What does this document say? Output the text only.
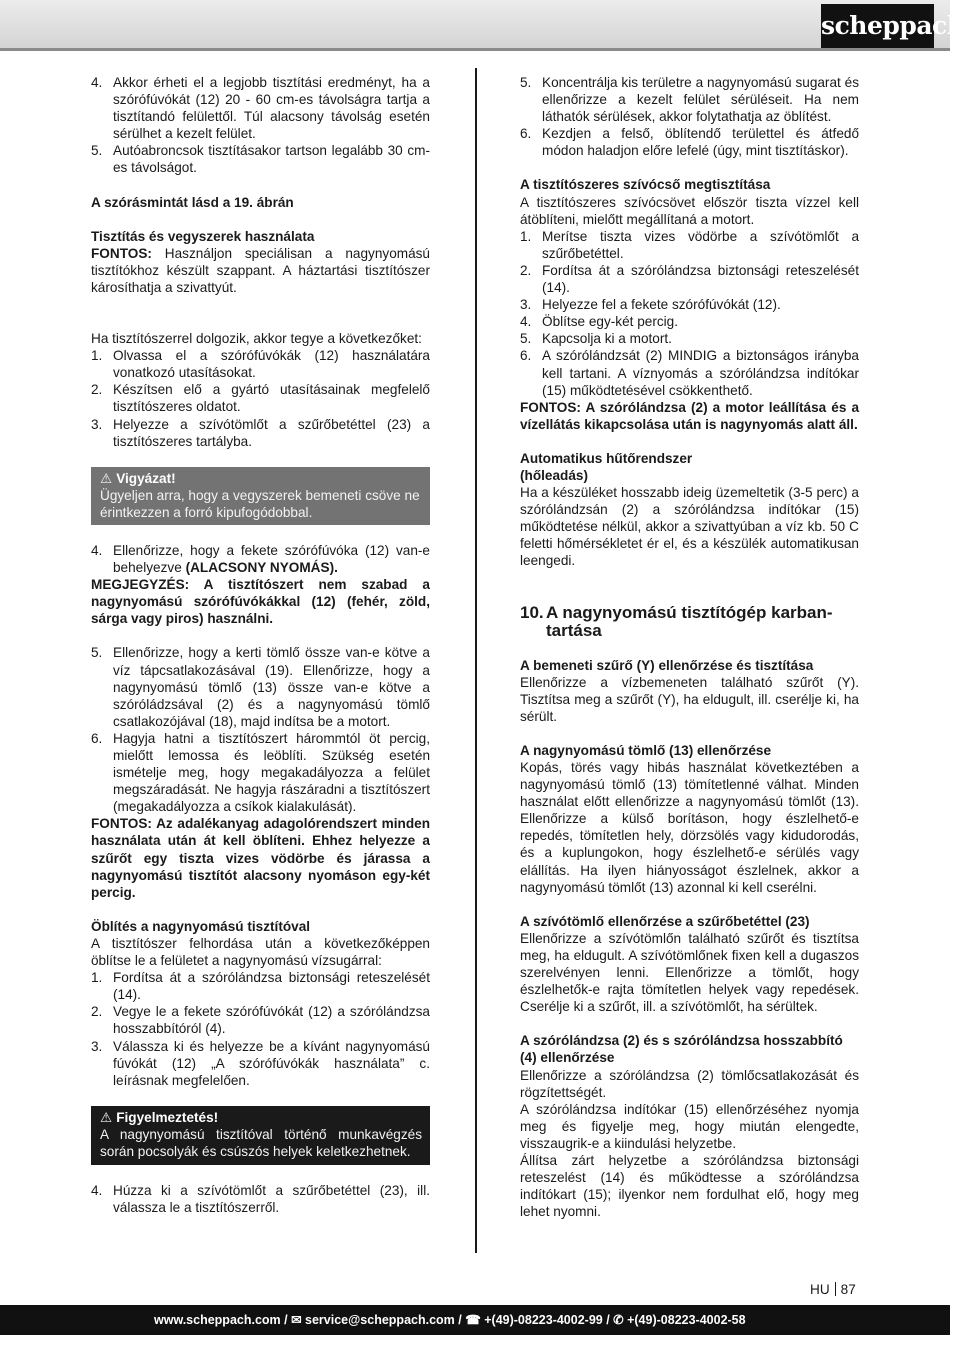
scheppach
4. Akkor érheti el a legjobb tisztítási eredményt, ha a szórófúvókát (12) 20 - 60 cm-es távolságra tartja a tisztítandó felülettől. Túl alacsony távolság esetén sérülhet a kezelt felület.
5. Autóabroncsok tisztításakor tartson legalább 30 cm-es távolságot.

A szórásmintát lásd a 19. ábrán

Tisztítás és vegyszerek használata

FONTOS: Használjon speciálisan a nagynyomású tisztítókhoz készült szappant. A háztartási tisztítószer károsíthatja a szivattyút.

Ha tisztítószerrel dolgozik, akkor tegye a következőket:

1. Olvassa el a szórófúvókák (12) használatára vonatkozó utasításokat.
2. Készítsen elő a gyártó utasításainak megfelelő tisztítószeres oldatot.
3. Helyezze a szívótömlőt a szűrőbetéttel (23) a tisztítószeres tartályba.
⚠ Vigyázat!
Ügyeljen arra, hogy a vegyszerek bemeneti csöve ne érintkezzen a forró kipufogódobbal.
4. Ellenőrizze, hogy a fekete szórófúvóka (12) van-e behelyezve (ALACSONY NYOMÁS).

MEGJEGYZÉS: A tisztítószert nem szabad a nagynyomású szórófúvókákkal (12) (fehér, zöld, sárga vagy piros) használni.

5. Ellenőrizze, hogy a kerti tömlő össze van-e kötve a víz tápcsatlakozásával (19). Ellenőrizze, hogy a nagynyomású tömlő (13) össze van-e kötve a szóróládzsával (2) és a nagynyomású tömlő csatlakozójával (18), majd indítsa be a motort.
6. Hagyja hatni a tisztítószert hárommtól öt percig, mielőtt lemossa és leöblíti. Szükség esetén ismételje meg, hogy megakadályozza a felület megszáradását. Ne hagyja rászáradni a tisztítószert (megakadályozza a csíkok kialakulását).

FONTOS: Az adalékanyag adagolórendszert minden használata után át kell öblíteni. Ehhez helyezze a szűrőt egy tiszta vizes vödörbe és járassa a nagynyomású tisztítót alacsony nyomáson egy-két percig.

Öblítés a nagynyomású tisztítóval

A tisztítószer felhordása után a következőképpen öblítse le a felületet a nagynyomású vízsugárral:

1. Fordítsa át a szórólándzsa biztonsági reteszelését (14).
2. Vegye le a fekete szórófúvókát (12) a szórólándzsa hosszabbítóról (4).
3. Válassza ki és helyezze be a kívánt nagynyomású fúvókát (12) „A szórófúvókák használata” c. leírásnak megfelelően.
⚠ Figyelmeztetés!
A nagynyomású tisztítóval történő munkavégzés során pocsolyák és csúszós helyek keletkezhetnek.
4. Húzza ki a szívótömlőt a szűrőbetéttel (23), ill. válassza le a tisztítószerről.
5. Koncentrálja kis területre a nagynyomású sugarat és ellenőrizze a kezelt felület sérüléseit. Ha nem láthatók sérülések, akkor folytathatja az öblítést.
6. Kezdjen a felső, öblítendő területtel és átfedő módon haladjon előre lefelé (úgy, mint tisztításkor).

A tisztítószeres szívócső megtisztítása

A tisztítószeres szívócsövet először tiszta vízzel kell átöblíteni, mielőtt megállítaná a motort.

1. Merítse tiszta vizes vödörbe a szívótömlőt a szűrőbetéttel.
2. Fordítsa át a szórólándzsa biztonsági reteszelését (14).
3. Helyezze fel a fekete szórófúvókát (12).
4. Öblítse egy-két percig.
5. Kapcsolja ki a motort.
6. A szórólándzsát (2) MINDIG a biztonságos irányba kell tartani. A víznyomás a szórólándzsa indítókar (15) működtetésével csökkenthető.

FONTOS: A szórólándzsa (2) a motor leállítása és a vízellátás kikapcsolása után is nagynyomás alatt áll.

Automatikus hűtőrendszer

(hőleadás)

Ha a készüléket hosszabb ideig üzemeltetik (3-5 perc) a szórólándzsán (2) a szórólándzsa indítókar (15) működtetése nélkül, akkor a szivattyúban a víz kb. 50 C feletti hőmérsékletet ér el, és a készülék automatikusan leengedi.

10. A nagynyomású tisztítógép karban-
tartása

A bemeneti szűrő (Y) ellenőrzése és tisztítása

Ellenőrizze a vízbemeneten található szűrőt (Y). Tisztítsa meg a szűrőt (Y), ha eldugult, ill. cserélje ki, ha sérült.

A nagynyomású tömlő (13) ellenőrzése

Kopás, törés vagy hibás használat következtében a nagynyomású tömlő (13) tömítetlenné válhat. Minden használat előtt ellenőrizze a nagynyomású tömlőt (13). Ellenőrizze a külső borításon, hogy észlelhető-e repedés, tömítetlen hely, dörzsölés vagy kidudorodás, és a kuplungokon, hogy észlelhető-e sérülés vagy elállítás. Ha ilyen hiányosságot észlelnek, akkor a nagynyomású tömlőt (13) azonnal ki kell cserélni.

A szívótömlő ellenőrzése a szűrőbetéttel (23)

Ellenőrizze a szívótömlőn található szűrőt és tisztítsa meg, ha eldugult. A szívótömlőnek fixen kell a dugaszos szerelvényen lenni. Ellenőrizze a tömlőt, hogy észlelhetők-e rajta tömítetlen helyek vagy repedések. Cserélje ki a szűrőt, ill. a szívótömlőt, ha sérültek.

A szórólándzsa (2) és s szórólándzsa hosszabbító (4) ellenőrzése

Ellenőrizze a szórólándzsa (2) tömlőcsatlakozását és rögzítettségét.

A szórólándzsa indítókar (15) ellenőrzéséhez nyomja meg és figyelje meg, hogy miután elengedte, visszaugrik-e a kiindulási helyzetbe.

Állítsa zárt helyzetbe a szórólándzsa biztonsági reteszelést (14) és működtesse a szórólándzsa indítókart (15); ilyenkor nem fordulhat elő, hogy meg lehet nyomni.

HU 87
www.scheppach.com / ✉ service@scheppach.com / ☎ +(49)-08223-4002-99 / ✆ +(49)-08223-4002-58
